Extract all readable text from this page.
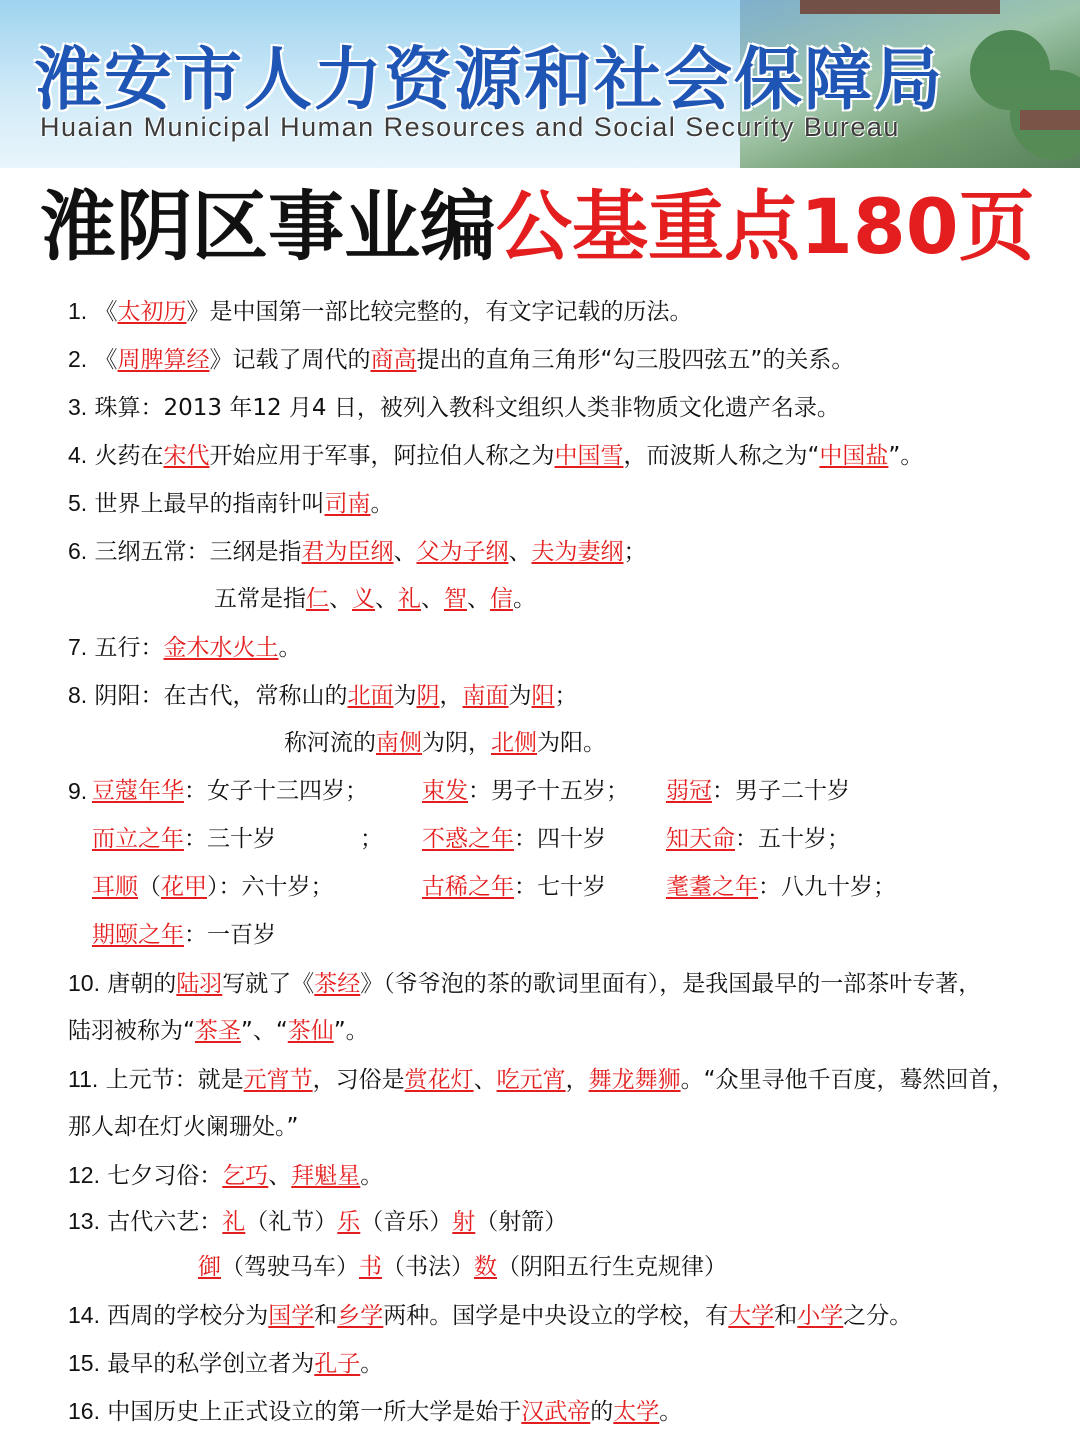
淮安市人力资源和社会保障局
Huaian Municipal Human Resources and Social Security Bureau
淮阴区事业编公基重点180页
1. 《太初历》是中国第一部比较完整的，有文字记载的历法。
2. 《周脾算经》记载了周代的商高提出的直角三角形“勾三股四弦五”的关系。
3. 珠算：2013 年12 月4 日，被列入教科文组织人类非物质文化遗产名录。
4. 火药在宋代开始应用于军事，阿拉伯人称之为中国雪，而波斯人称之为“中国盐”。
5. 世界上最早的指南针叫司南。
6. 三纲五常：三纲是指君为臣纲、父为子纲、夫为妻纲；
五常是指仁、义、礼、智、信。
7. 五行：金木水火土。
8. 阴阳：在古代，常称山的北面为阴，南面为阳；
称河流的南侧为阴，北侧为阳。
9. 豆蔻年华：女子十三四岁； 束发：男子十五岁； 弱冠：男子二十岁
而立之年：三十岁	； 不惑之年：四十岁	知天命：五十岁；
耳顺（花甲）：六十岁；	古稀之年：七十岁	耄耋之年：八九十岁；
期颐之年：一百岁
10. 唐朝的陆羽写就了《茶经》（爷爷泡的茶的歌词里面有），是我国最早的一部茶叶专著，
陆羽被称为“茶圣”、“茶仙”。
11. 上元节：就是元宵节，习俗是赏花灯、吃元宵，舞龙舞狮。“众里寻他千百度，蓦然回首，
那人却在灯火阑珊处。”
12. 七夕习俗：乞巧、拜魁星。
13. 古代六艺：礼（礼节）乐（音乐）射（射箭）
御（驾驶马车）书（书法）数（阴阳五行生克规律）
14. 西周的学校分为国学和乡学两种。国学是中央设立的学校，有大学和小学之分。
15. 最早的私学创立者为孔子。
16. 中国历史上正式设立的第一所大学是始于汉武帝的太学。
